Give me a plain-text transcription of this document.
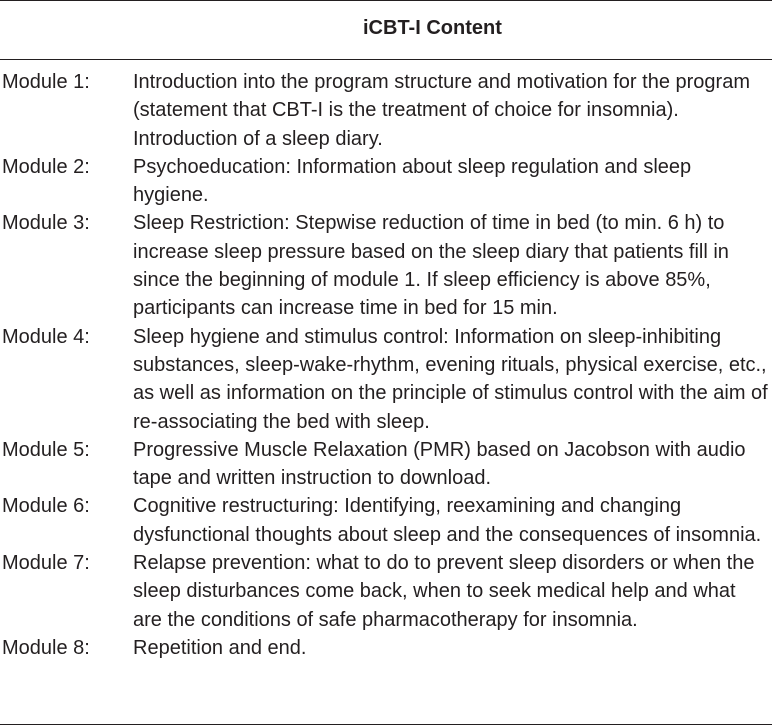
iCBT-I Content
Module 1:	Introduction into the program structure and motivation for the program (statement that CBT-I is the treatment of choice for insomnia). Introduction of a sleep diary.
Module 2:	Psychoeducation: Information about sleep regulation and sleep hygiene.
Module 3:	Sleep Restriction: Stepwise reduction of time in bed (to min. 6 h) to increase sleep pressure based on the sleep diary that patients fill in since the beginning of module 1. If sleep efficiency is above 85%, participants can increase time in bed for 15 min.
Module 4:	Sleep hygiene and stimulus control: Information on sleep-inhibiting substances, sleep-wake-rhythm, evening rituals, physical exercise, etc., as well as information on the principle of stimulus control with the aim of re-associating the bed with sleep.
Module 5:	Progressive Muscle Relaxation (PMR) based on Jacobson with audio tape and written instruction to download.
Module 6:	Cognitive restructuring: Identifying, reexamining and changing dysfunctional thoughts about sleep and the consequences of insomnia.
Module 7:	Relapse prevention: what to do to prevent sleep disorders or when the sleep disturbances come back, when to seek medical help and what are the conditions of safe pharmacotherapy for insomnia.
Module 8:	Repetition and end.
